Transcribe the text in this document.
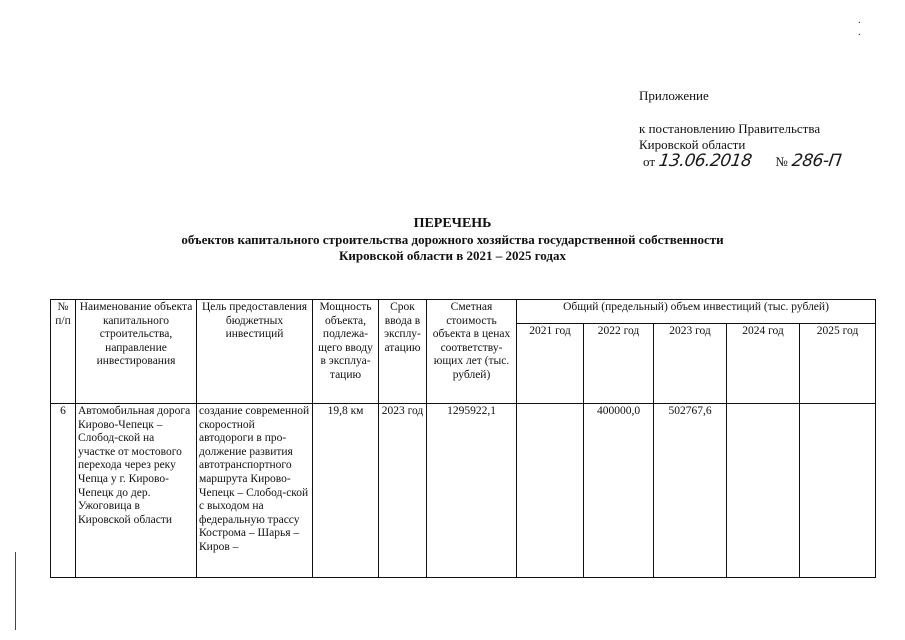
. .
Приложение
к постановлению Правительства
Кировской области
от 13.06.2018 № 286-П
ПЕРЕЧЕНЬ
объектов капитального строительства дорожного хозяйства государственной собственности
Кировской области в 2021 – 2025 годах
№ п/п	Наименование объекта капитального строительства, направление инвестирования	Цель предоставления бюджетных инвестиций	Мощность объекта, подлежа- щего вводу в эксплуа- тацию	Срок ввода в эксплу- атацию	Сметная стоимость объекта в ценах соответству- ющих лет (тыс. рублей)	Общий (предельный) объем инвестиций (тыс. рублей)				
						2021 год	2022 год	2023 год	2024 год	2025 год
6	Автомобильная дорога Кирово-Чепецк – Слобод-ской на участке от мостового перехода через реку Чепца у г. Кирово-Чепецк до дер. Ужоговица в Кировской области	создание современной скоростной автодороги в про-должение развития автотранспортного маршрута Кирово-Чепецк – Слобод-ской с выходом на федеральную трассу Кострома – Шарья – Киров –	19,8 км	2023 год	1295922,1		400000,0	502767,6		
